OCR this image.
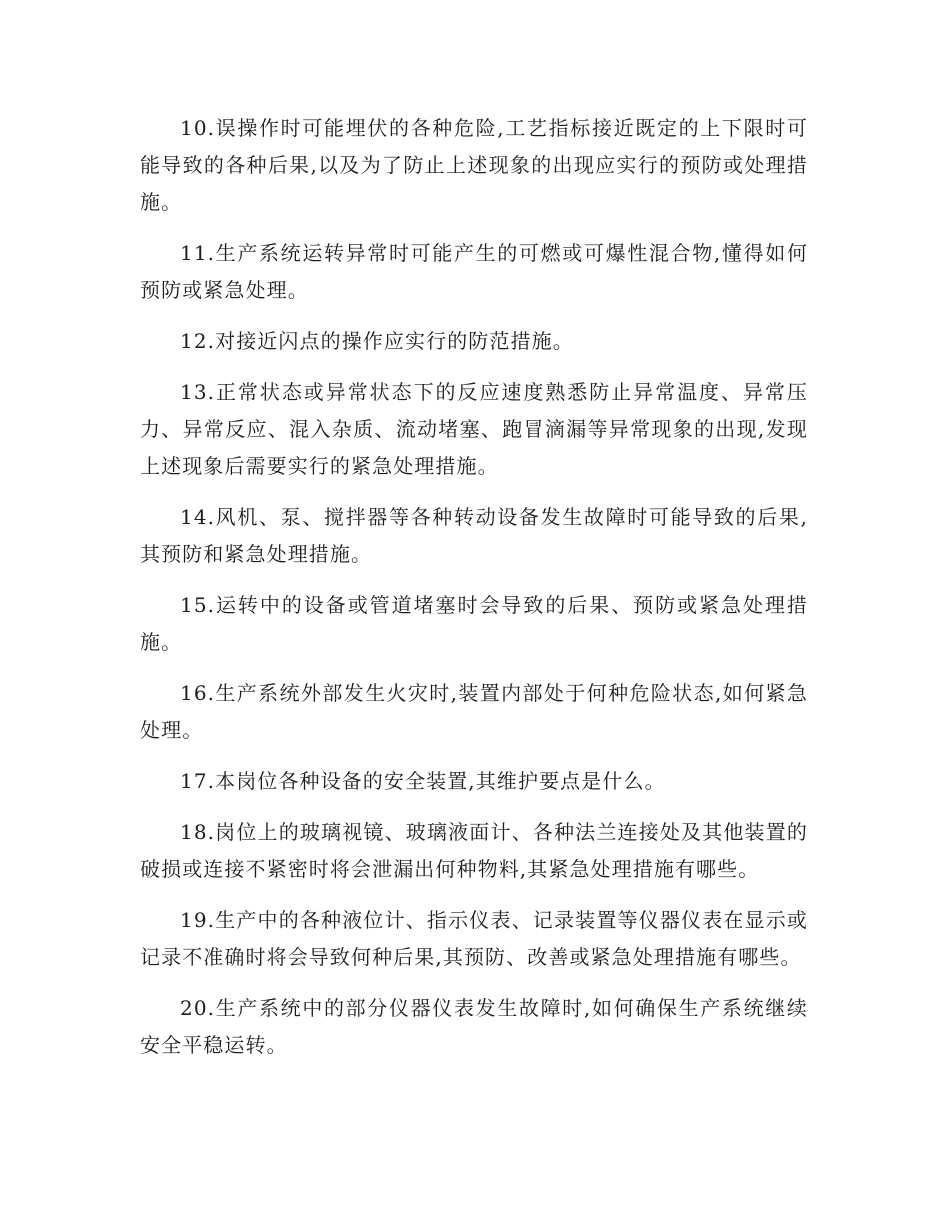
10.误操作时可能埋伏的各种危险,工艺指标接近既定的上下限时可能导致的各种后果,以及为了防止上述现象的出现应实行的预防或处理措施。

11.生产系统运转异常时可能产生的可燃或可爆性混合物,懂得如何预防或紧急处理。

12.对接近闪点的操作应实行的防范措施。

13.正常状态或异常状态下的反应速度熟悉防止异常温度、异常压力、异常反应、混入杂质、流动堵塞、跑冒滴漏等异常现象的出现,发现上述现象后需要实行的紧急处理措施。

14.风机、泵、搅拌器等各种转动设备发生故障时可能导致的后果,其预防和紧急处理措施。

15.运转中的设备或管道堵塞时会导致的后果、预防或紧急处理措施。

16.生产系统外部发生火灾时,装置内部处于何种危险状态,如何紧急处理。

17.本岗位各种设备的安全装置,其维护要点是什么。

18.岗位上的玻璃视镜、玻璃液面计、各种法兰连接处及其他装置的破损或连接不紧密时将会泄漏出何种物料,其紧急处理措施有哪些。

19.生产中的各种液位计、指示仪表、记录装置等仪器仪表在显示或记录不准确时将会导致何种后果,其预防、改善或紧急处理措施有哪些。

20.生产系统中的部分仪器仪表发生故障时,如何确保生产系统继续安全平稳运转。
